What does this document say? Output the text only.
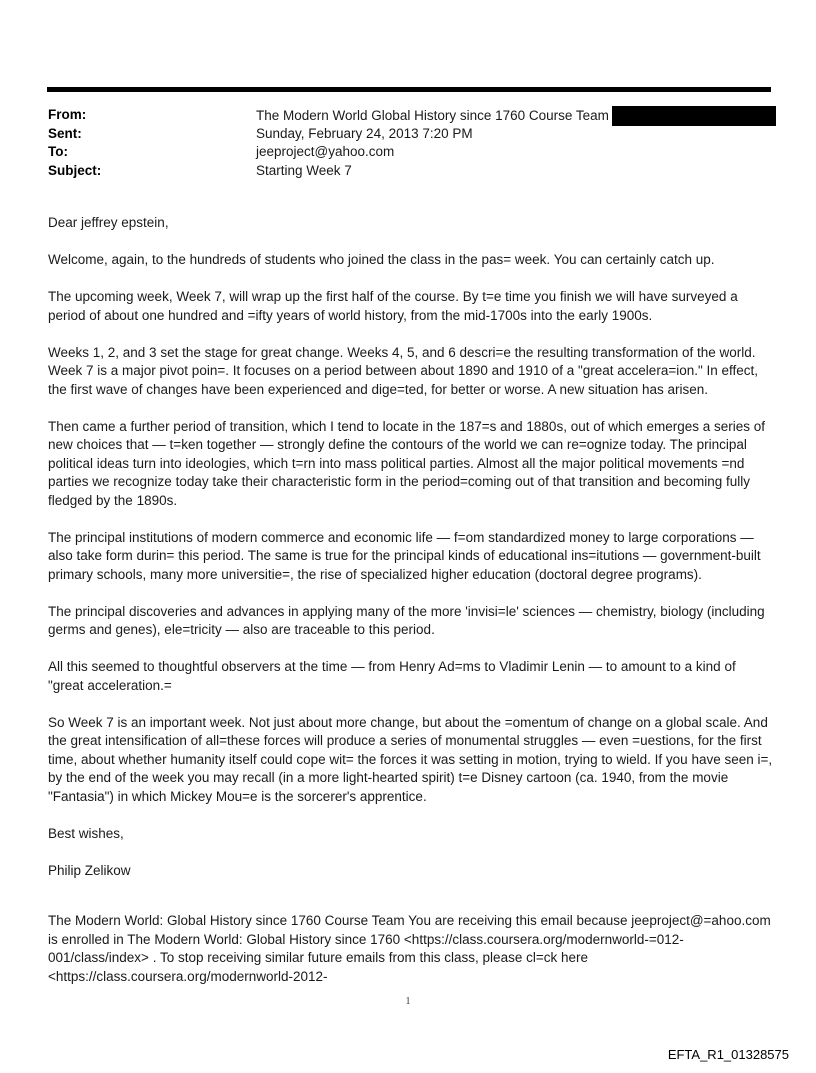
From:	The Modern World Global History since 1760 Course Team
Sent:	Sunday, February 24, 2013 7:20 PM
To:	jeeproject@yahoo.com
Subject:	Starting Week 7

Dear jeffrey epstein,

Welcome, again, to the hundreds of students who joined the class in the pas= week. You can certainly catch up.

The upcoming week, Week 7, will wrap up the first half of the course. By t=e time you finish we will have surveyed a period of about one hundred and =ifty years of world history, from the mid-1700s into the early 1900s.

Weeks 1, 2, and 3 set the stage for great change. Weeks 4, 5, and 6 descri=e the resulting transformation of the world. Week 7 is a major pivot poin=. It focuses on a period between about 1890 and 1910 of a "great accelera=ion." In effect, the first wave of changes have been experienced and dige=ted, for better or worse. A new situation has arisen.

Then came a further period of transition, which I tend to locate in the 187=s and 1880s, out of which emerges a series of new choices that — t=ken together — strongly define the contours of the world we can re=ognize today. The principal political ideas turn into ideologies, which t=rn into mass political parties. Almost all the major political movements =nd parties we recognize today take their characteristic form in the period=coming out of that transition and becoming fully fledged by the 1890s.

The principal institutions of modern commerce and economic life — f=om standardized money to large corporations — also take form durin= this period. The same is true for the principal kinds of educational ins=itutions — government-built primary schools, many more universitie=, the rise of specialized higher education (doctoral degree programs).

The principal discoveries and advances in applying many of the more 'invisi=le' sciences — chemistry, biology (including germs and genes), ele=tricity — also are traceable to this period.

All this seemed to thoughtful observers at the time — from Henry Ad=ms to Vladimir Lenin — to amount to a kind of "great acceleration.=

So Week 7 is an important week. Not just about more change, but about the =omentum of change on a global scale. And the great intensification of all=these forces will produce a series of monumental struggles — even =uestions, for the first time, about whether humanity itself could cope wit= the forces it was setting in motion, trying to wield. If you have seen i=, by the end of the week you may recall (in a more light-hearted spirit) t=e Disney cartoon (ca. 1940, from the movie "Fantasia") in which Mickey Mou=e is the sorcerer's apprentice.

Best wishes,

Philip Zelikow

The Modern World: Global History since 1760 Course Team You are receiving this email because jeeproject@=ahoo.com is enrolled in The Modern World: Global History since 1760 <https://class.coursera.org/modernworld-=012-001/class/index> . To stop receiving similar future emails from this class, please cl=ck here <https://class.coursera.org/modernworld-2012-

1
EFTA_R1_01328575
